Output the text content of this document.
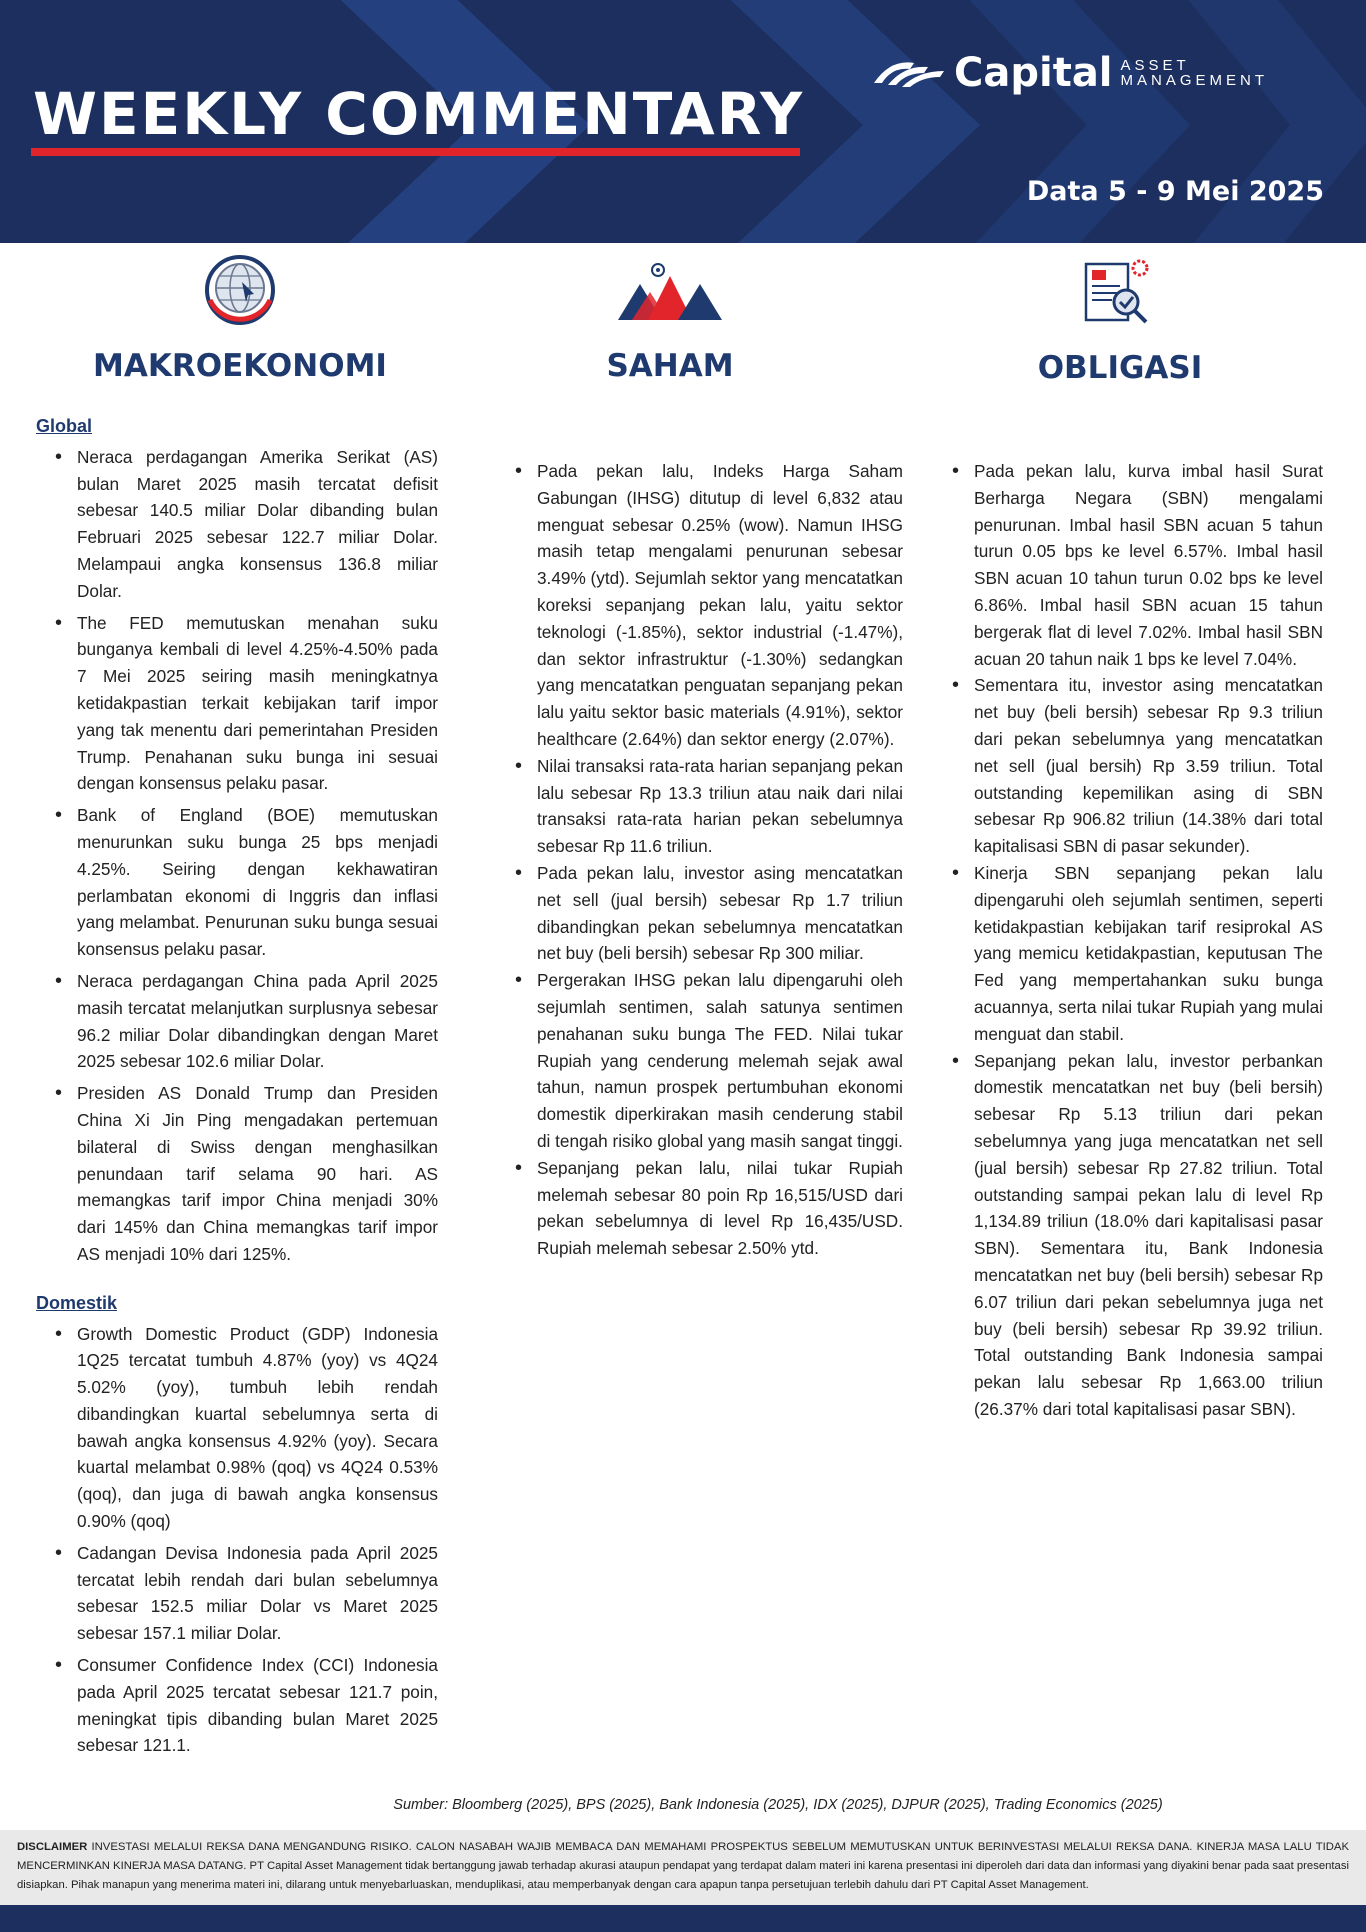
WEEKLY COMMENTARY
Capital ASSET
MANAGEMENT
Data 5 - 9 Mei 2025
MAKROEKONOMI	SAHAM	OBLIGASI
Global
• Neraca perdagangan Amerika Serikat (AS) bulan Maret 2025 masih tercatat defisit sebesar 140.5 miliar Dolar dibanding bulan Februari 2025 sebesar 122.7 miliar Dolar. Melampaui angka konsensus 136.8 miliar Dolar.
• The FED memutuskan menahan suku bunganya kembali di level 4.25%-4.50% pada 7 Mei 2025 seiring masih meningkatnya ketidakpastian terkait kebijakan tarif impor yang tak menentu dari pemerintahan Presiden Trump. Penahanan suku bunga ini sesuai dengan konsensus pelaku pasar.
• Bank of England (BOE) memutuskan menurunkan suku bunga 25 bps menjadi 4.25%. Seiring dengan kekhawatiran perlambatan ekonomi di Inggris dan inflasi yang melambat. Penurunan suku bunga sesuai konsensus pelaku pasar.
• Neraca perdagangan China pada April 2025 masih tercatat melanjutkan surplusnya sebesar 96.2 miliar Dolar dibandingkan dengan Maret 2025 sebesar 102.6 miliar Dolar.
• Presiden AS Donald Trump dan Presiden China Xi Jin Ping mengadakan pertemuan bilateral di Swiss dengan menghasilkan penundaan tarif selama 90 hari. AS memangkas tarif impor China menjadi 30% dari 145% dan China memangkas tarif impor AS menjadi 10% dari 125%.
Domestik
• Growth Domestic Product (GDP) Indonesia 1Q25 tercatat tumbuh 4.87% (yoy) vs 4Q24 5.02% (yoy), tumbuh lebih rendah dibandingkan kuartal sebelumnya serta di bawah angka konsensus 4.92% (yoy). Secara kuartal melambat 0.98% (qoq) vs 4Q24 0.53% (qoq), dan juga di bawah angka konsensus 0.90% (qoq)
• Cadangan Devisa Indonesia pada April 2025 tercatat lebih rendah dari bulan sebelumnya sebesar 152.5 miliar Dolar vs Maret 2025 sebesar 157.1 miliar Dolar.
• Consumer Confidence Index (CCI) Indonesia pada April 2025 tercatat sebesar 121.7 poin, meningkat tipis dibanding bulan Maret 2025 sebesar 121.1.
• Pada pekan lalu, Indeks Harga Saham Gabungan (IHSG) ditutup di level 6,832 atau menguat sebesar 0.25% (wow). Namun IHSG masih tetap mengalami penurunan sebesar 3.49% (ytd). Sejumlah sektor yang mencatatkan koreksi sepanjang pekan lalu, yaitu sektor teknologi (-1.85%), sektor industrial (-1.47%), dan sektor infrastruktur (-1.30%) sedangkan yang mencatatkan penguatan sepanjang pekan lalu yaitu sektor basic materials (4.91%), sektor healthcare (2.64%) dan sektor energy (2.07%).
• Nilai transaksi rata-rata harian sepanjang pekan lalu sebesar Rp 13.3 triliun atau naik dari nilai transaksi rata-rata harian pekan sebelumnya sebesar Rp 11.6 triliun.
• Pada pekan lalu, investor asing mencatatkan net sell (jual bersih) sebesar Rp 1.7 triliun dibandingkan pekan sebelumnya mencatatkan net buy (beli bersih) sebesar Rp 300 miliar.
• Pergerakan IHSG pekan lalu dipengaruhi oleh sejumlah sentimen, salah satunya sentimen penahanan suku bunga The FED. Nilai tukar Rupiah yang cenderung melemah sejak awal tahun, namun prospek pertumbuhan ekonomi domestik diperkirakan masih cenderung stabil di tengah risiko global yang masih sangat tinggi.
• Sepanjang pekan lalu, nilai tukar Rupiah melemah sebesar 80 poin Rp 16,515/USD dari pekan sebelumnya di level Rp 16,435/USD. Rupiah melemah sebesar 2.50% ytd.
• Pada pekan lalu, kurva imbal hasil Surat Berharga Negara (SBN) mengalami penurunan. Imbal hasil SBN acuan 5 tahun turun 0.05 bps ke level 6.57%. Imbal hasil SBN acuan 10 tahun turun 0.02 bps ke level 6.86%. Imbal hasil SBN acuan 15 tahun bergerak flat di level 7.02%. Imbal hasil SBN acuan 20 tahun naik 1 bps ke level 7.04%.
• Sementara itu, investor asing mencatatkan net buy (beli bersih) sebesar Rp 9.3 triliun dari pekan sebelumnya yang mencatatkan net sell (jual bersih) Rp 3.59 triliun. Total outstanding kepemilikan asing di SBN sebesar Rp 906.82 triliun (14.38% dari total kapitalisasi SBN di pasar sekunder).
• Kinerja SBN sepanjang pekan lalu dipengaruhi oleh sejumlah sentimen, seperti ketidakpastian kebijakan tarif resiprokal AS yang memicu ketidakpastian, keputusan The Fed yang mempertahankan suku bunga acuannya, serta nilai tukar Rupiah yang mulai menguat dan stabil.
• Sepanjang pekan lalu, investor perbankan domestik mencatatkan net buy (beli bersih) sebesar Rp 5.13 triliun dari pekan sebelumnya yang juga mencatatkan net sell (jual bersih) sebesar Rp 27.82 triliun. Total outstanding sampai pekan lalu di level Rp 1,134.89 triliun (18.0% dari kapitalisasi pasar SBN). Sementara itu, Bank Indonesia mencatatkan net buy (beli bersih) sebesar Rp 6.07 triliun dari pekan sebelumnya juga net buy (beli bersih) sebesar Rp 39.92 triliun. Total outstanding Bank Indonesia sampai pekan lalu sebesar Rp 1,663.00 triliun (26.37% dari total kapitalisasi pasar SBN).
Sumber: Bloomberg (2025), BPS (2025), Bank Indonesia (2025), IDX (2025), DJPUR (2025), Trading Economics (2025)
DISCLAIMER INVESTASI MELALUI REKSA DANA MENGANDUNG RISIKO. CALON NASABAH WAJIB MEMBACA DAN MEMAHAMI PROSPEKTUS SEBELUM MEMUTUSKAN UNTUK BERINVESTASI MELALUI REKSA DANA. KINERJA MASA LALU TIDAK MENCERMINKAN KINERJA MASA DATANG. PT Capital Asset Management tidak bertanggung jawab terhadap akurasi ataupun pendapat yang terdapat dalam materi ini karena presentasi ini diperoleh dari data dan informasi yang diyakini benar pada saat presentasi disiapkan. Pihak manapun yang menerima materi ini, dilarang untuk menyebarluaskan, menduplikasi, atau memperbanyak dengan cara apapun tanpa persetujuan terlebih dahulu dari PT Capital Asset Management.
